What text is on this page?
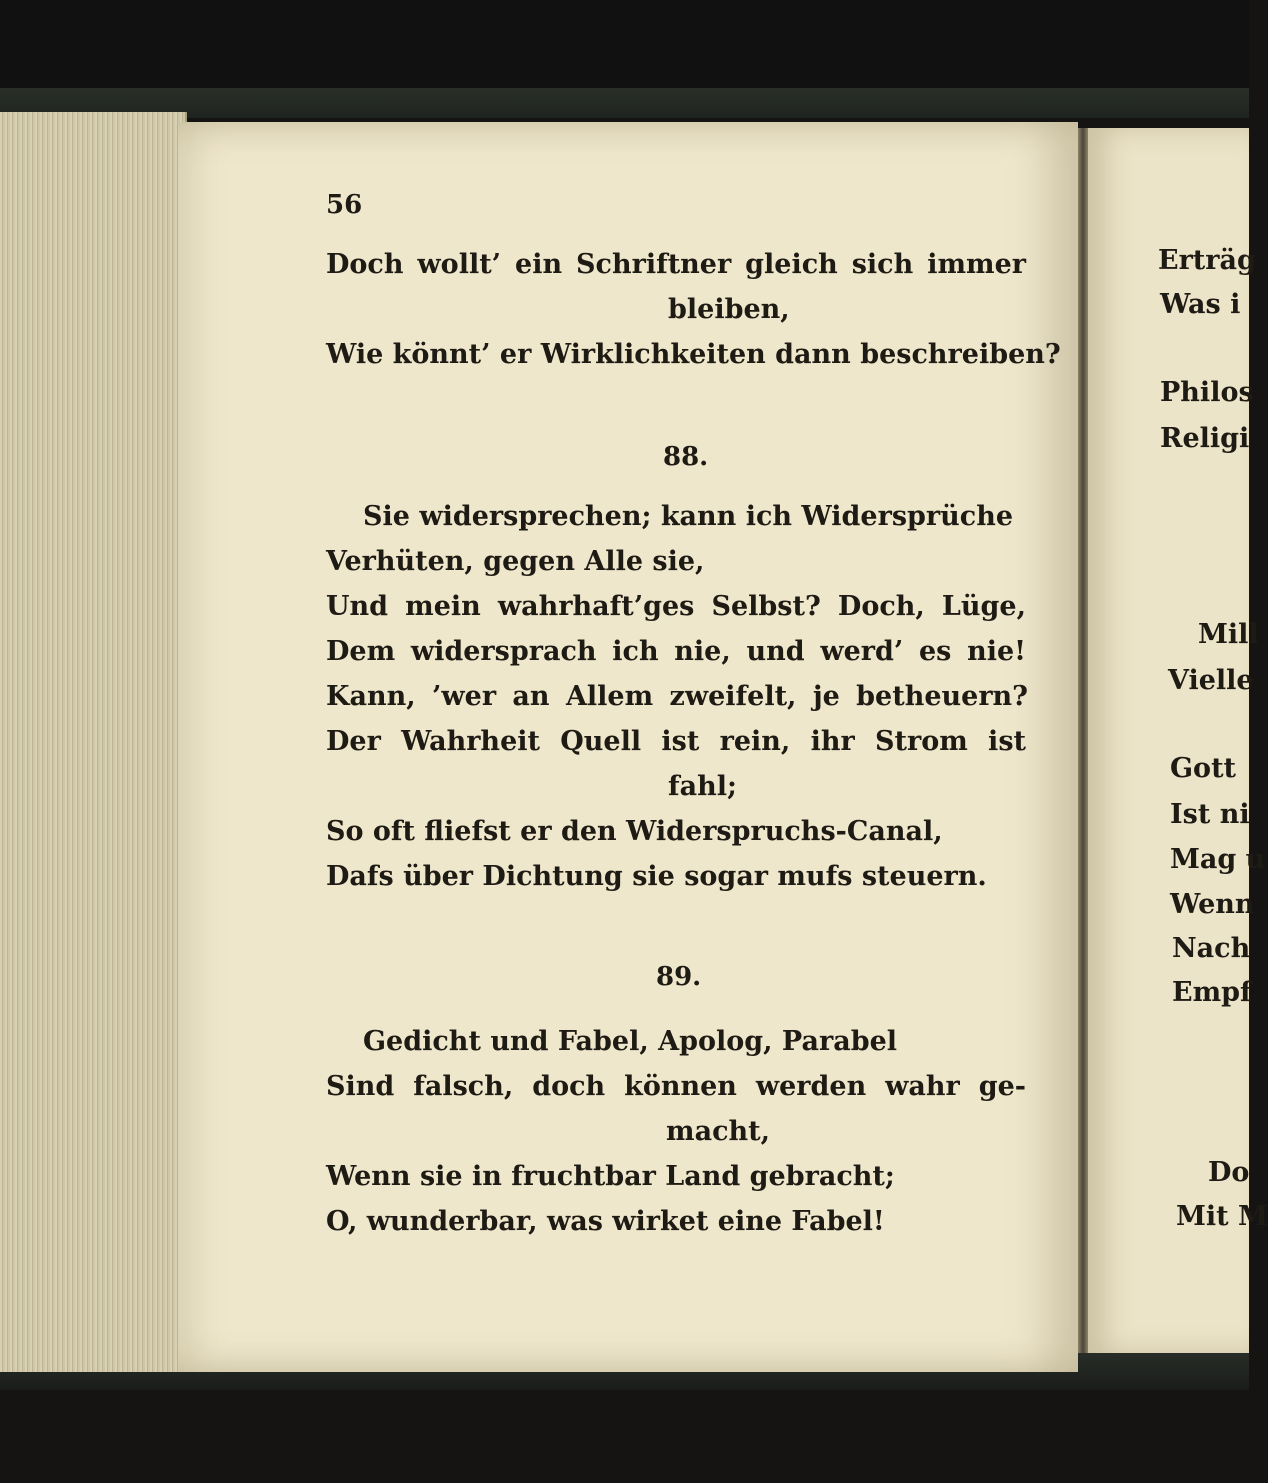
56

Doch wollt’ ein Schriftner gleich sich immer

bleiben,

Wie könnt’ er Wirklichkeiten dann beschreiben?

88.

Sie widersprechen; kann ich Widersprüche

Verhüten, gegen Alle sie,

Und mein wahrhaft’ges Selbst? Doch, Lüge,

Dem widersprach ich nie, und werd’ es nie!

Kann, ’wer an Allem zweifelt, je betheuern?

Der Wahrheit Quell ist rein, ihr Strom ist

fahl;

So oft fliefst er den Widerspruchs-Canal,

Dafs über Dichtung sie sogar mufs steuern.

89.

Gedicht und Fabel, Apolog, Parabel

Sind falsch, doch können werden wahr ge-

macht,

Wenn sie in fruchtbar Land gebracht;

O, wunderbar, was wirket eine Fabel!

Erträg

Was i

Philos

Religi

Mill

Vielle

Gott

Ist ni

Mag u

Wenn

Nach

Empf

Do

Mit M
